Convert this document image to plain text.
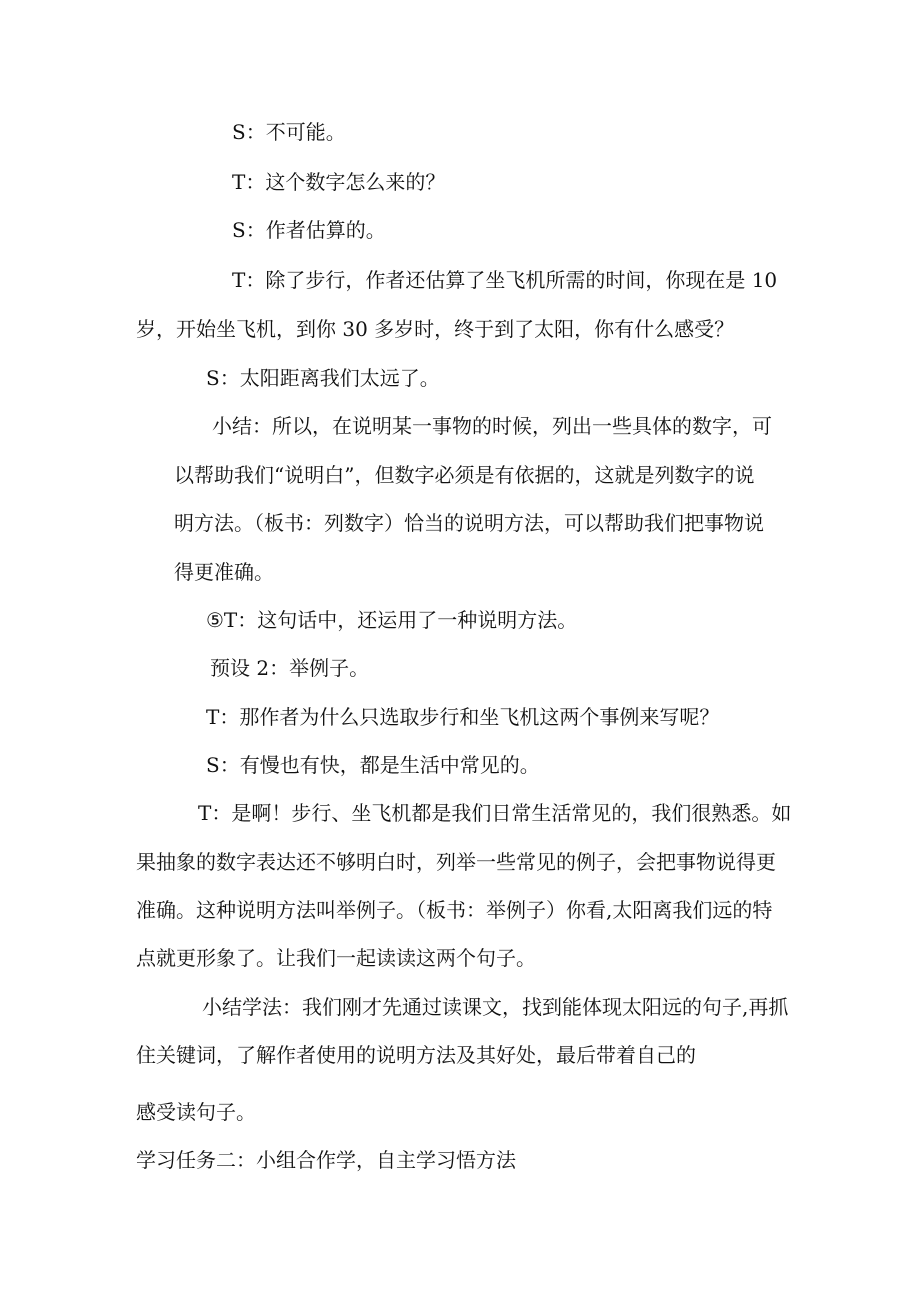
S：不可能。

T：这个数字怎么来的？

S：作者估算的。

T：除了步行，作者还估算了坐飞机所需的时间，你现在是 10

岁，开始坐飞机，到你 30 多岁时，终于到了太阳，你有什么感受？

S：太阳距离我们太远了。

小结：所以，在说明某一事物的时候，列出一些具体的数字，可

以帮助我们“说明白”，但数字必须是有依据的，这就是列数字的说

明方法。（板书：列数字）恰当的说明方法，可以帮助我们把事物说

得更准确。

⑤T：这句话中，还运用了一种说明方法。

预设 2：举例子。

T：那作者为什么只选取步行和坐飞机这两个事例来写呢？

S：有慢也有快，都是生活中常见的。

T：是啊！步行、坐飞机都是我们日常生活常见的，我们很熟悉。如

果抽象的数字表达还不够明白时，列举一些常见的例子，会把事物说得更

准确。这种说明方法叫举例子。（板书：举例子）你看,太阳离我们远的特

点就更形象了。让我们一起读读这两个句子。

小结学法：我们刚才先通过读课文，找到能体现太阳远的句子,再抓

住关键词，了解作者使用的说明方法及其好处，最后带着自己的

感受读句子。

学习任务二：小组合作学，自主学习悟方法
